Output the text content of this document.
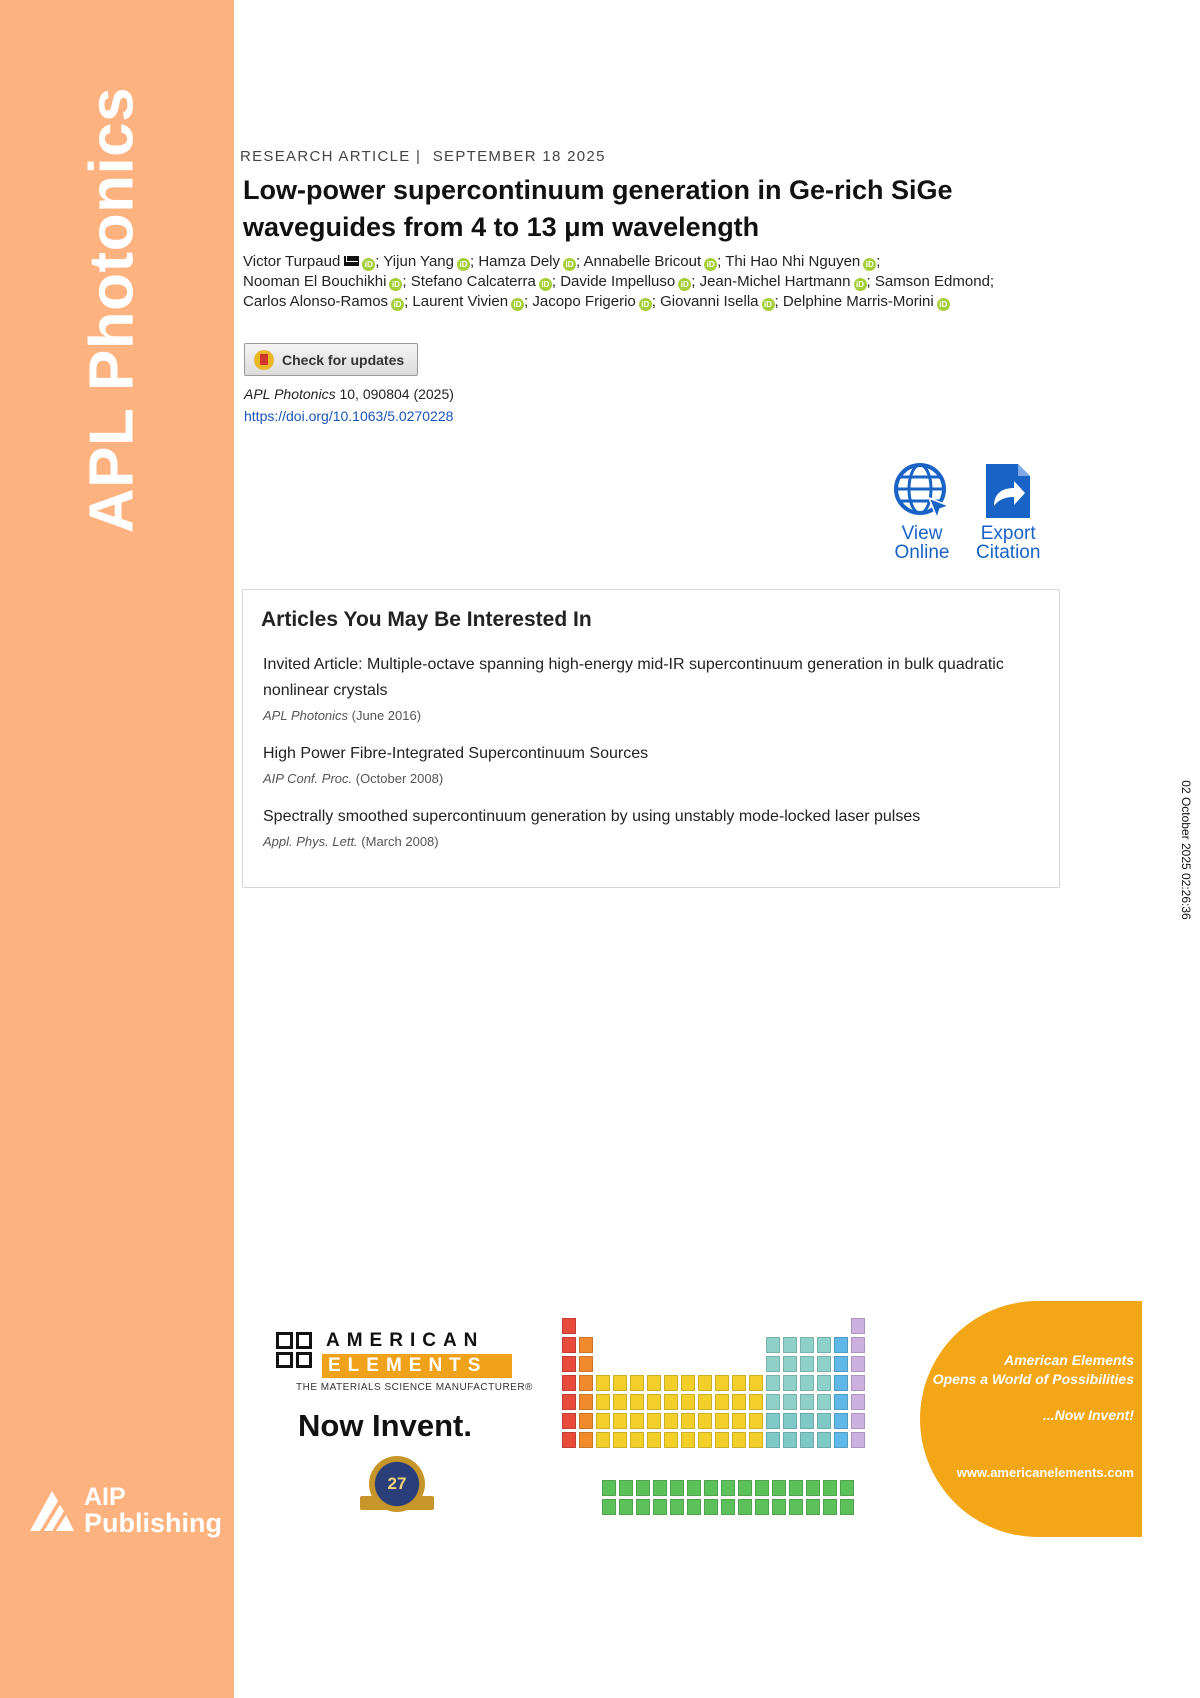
APL Photonics
AIP
Publishing
RESEARCH ARTICLE | SEPTEMBER 18 2025
Low-power supercontinuum generation in Ge-rich SiGe waveguides from 4 to 13 μm wavelength
Victor Turpaud	iD ; Yijun Yang iD ; Hamza Dely iD ; Annabelle Bricout iD ; Thi Hao Nhi Nguyen iD ; Nooman El Bouchikhi iD ; Stefano Calcaterra iD ; Davide Impelluso iD ; Jean-Michel Hartmann iD ; Samson Edmond; Carlos Alonso-Ramos iD ; Laurent Vivien iD ; Jacopo Frigerio iD ; Giovanni Isella iD ; Delphine Marris-Morini iD
Check for updates
APL Photonics 10, 090804 (2025)
https://doi.org/10.1063/5.0270228
View
Online
Export
Citation
Articles You May Be Interested In
Invited Article: Multiple-octave spanning high-energy mid-IR supercontinuum generation in bulk quadratic nonlinear crystals
APL Photonics (June 2016)
High Power Fibre-Integrated Supercontinuum Sources
AIP Conf. Proc. (October 2008)
Spectrally smoothed supercontinuum generation by using unstably mode-locked laser pulses
Appl. Phys. Lett. (March 2008)	02 October 2025 02:26:36
AMERICAN
ELEMENTS
THE MATERIALS SCIENCE MANUFACTURER®
Now Invent.
27
American Elements
Opens a World of Possibilities
...Now Invent!
www.americanelements.com
